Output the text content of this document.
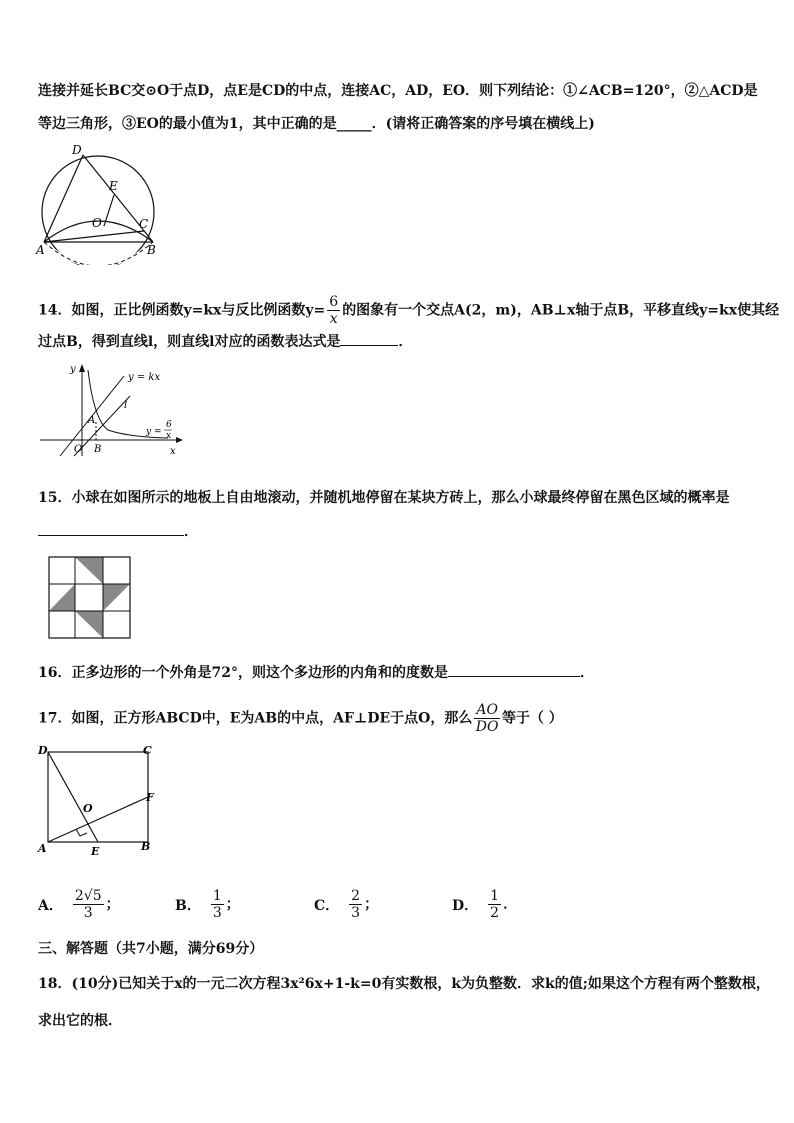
连接并延长BC交⊙O于点D，点E是CD的中点，连接AC，AD，EO．则下列结论：①∠ACB=120°，②△ACD是
等边三角形，③EO的最小值为1，其中正确的是_____．(请将正确答案的序号填在横线上)
D
E
O	C
A	B
14．如图，正比例函数y=kx与反比例函数$y= \frac{6}{x}$ 的图象有一个交点A(2，m)，AB⊥x轴于点B，平移直线y=kx使其经
过点B，得到直线l，则直线l对应的函数表达式是	．
y
y = kx
l
A
y =
6
x
O B	x
15．小球在如图所示的地板上自由地滚动，并随机地停留在某块方砖上，那么小球最终停留在黑色区域的概率是
．
16．正多边形的一个外角是72°，则这个多边形的内角和的度数是	．
17．如图，正方形ABCD中，E为AB的中点，AF⊥DE于点O，那么 $\frac{AO}{DO}$ 等于（ ）
D	C
O
F
A	E	B
A． $\frac{2√5}{3}$ ；	B． $\frac{1}{3}$ ；	C． $\frac{2}{3}$ ；	D． $\frac{1}{2}$ ．
三、解答题（共7小题，满分69分）
18．(10分)已知关于x的一元二次方程3x²6x+1-k=0有实数根，k为负整数．求k的值;如果这个方程有两个整数根，
求出它的根．
